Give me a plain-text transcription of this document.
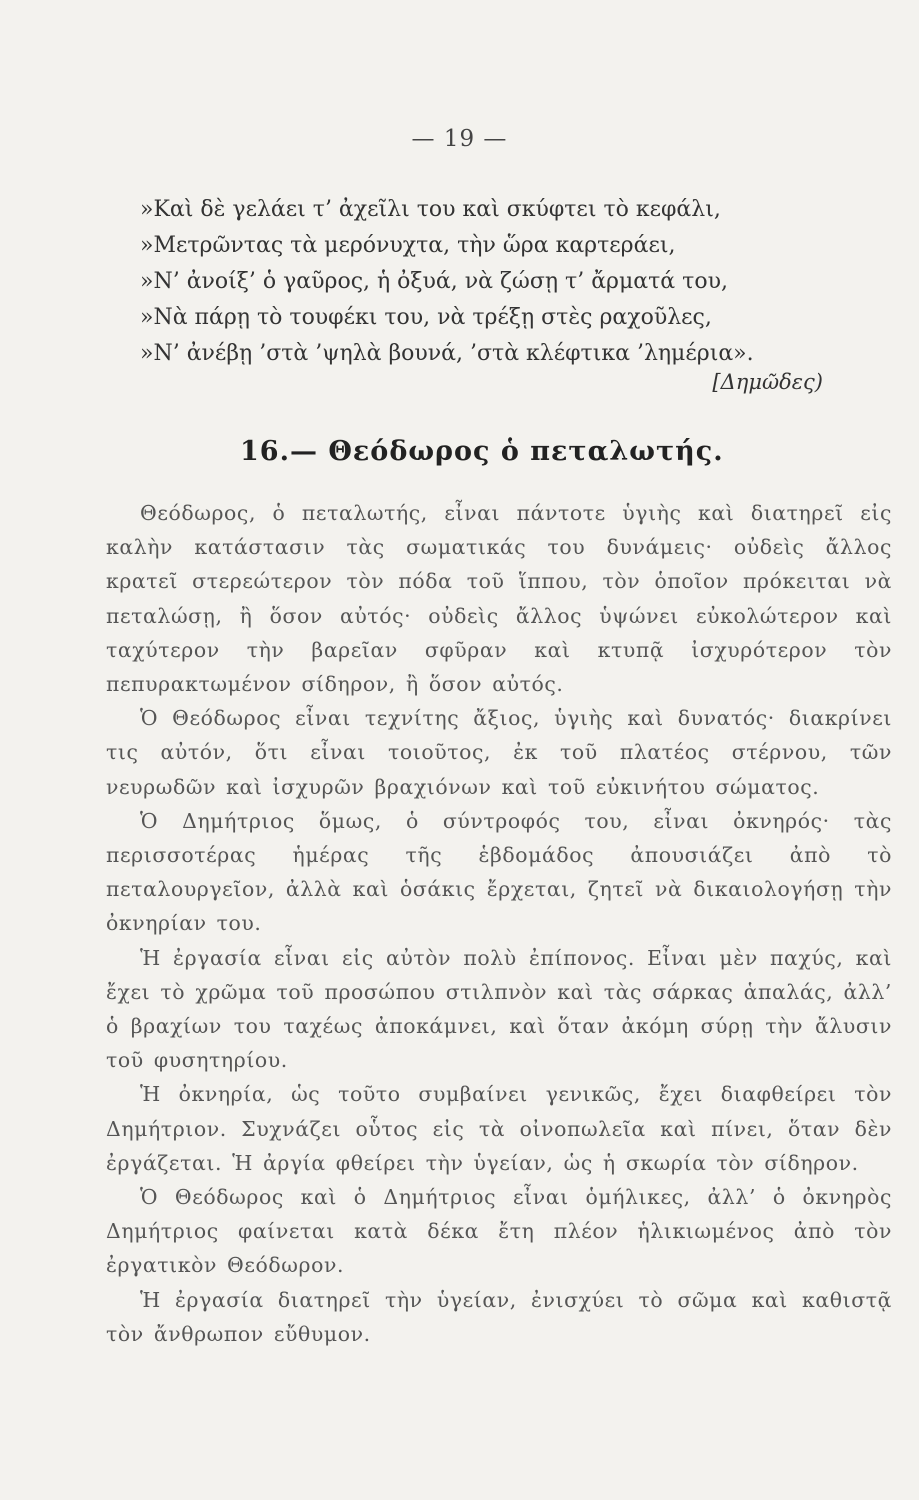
— 19 —
»Καὶ δὲ γελάει τ’ ἀχεῖλι του καὶ σκύφτει τὸ κεφάλι,
»Μετρῶντας τὰ μερόνυχτα, τὴν ὥρα καρτεράει,
»Ν’ ἀνοίξ’ ὁ γαῦρος, ἡ ὀξυά, νὰ ζώσῃ τ’ ἄρματά του,
»Νὰ πάρῃ τὸ τουφέκι του, νὰ τρέξῃ στὲς ραχοῦλες,
»Ν’ ἀνέβῃ ’στὰ ’ψηλὰ βουνά, ’στὰ κλέφτικα ’λημέρια».
[Δημῶδες)
16.— Θεόδωρος ὁ πεταλωτής.

Θεόδωρος, ὁ πεταλωτής, εἶναι πάντοτε ὑγιὴς καὶ διατηρεῖ εἰς καλὴν κατάστασιν τὰς σωματικάς του δυνάμεις· οὐδεὶς ἄλλος κρατεῖ στερεώτερον τὸν πόδα τοῦ ἵππου, τὸν ὁποῖον πρόκειται νὰ πεταλώσῃ, ἢ ὅσον αὐτός· οὐδεὶς ἄλλος ὑψώνει εὐκολώτερον καὶ ταχύτερον τὴν βαρεῖαν σφῦραν καὶ κτυπᾷ ἰσχυρότερον τὸν πεπυρακτωμένον σίδηρον, ἢ ὅσον αὐτός.

Ὁ Θεόδωρος εἶναι τεχνίτης ἄξιος, ὑγιὴς καὶ δυνατός· διακρίνει τις αὐτόν, ὅτι εἶναι τοιοῦτος, ἐκ τοῦ πλατέος στέρνου, τῶν νευρωδῶν καὶ ἰσχυρῶν βραχιόνων καὶ τοῦ εὐκινήτου σώματος.

Ὁ Δημήτριος ὅμως, ὁ σύντροφός του, εἶναι ὀκνηρός· τὰς περισσοτέρας ἡμέρας τῆς ἑβδομάδος ἀπουσιάζει ἀπὸ τὸ πεταλουργεῖον, ἀλλὰ καὶ ὁσάκις ἔρχεται, ζητεῖ νὰ δικαιολογήσῃ τὴν ὀκνηρίαν του.

Ἡ ἐργασία εἶναι εἰς αὐτὸν πολὺ ἐπίπονος. Εἶναι μὲν παχύς, καὶ ἔχει τὸ χρῶμα τοῦ προσώπου στιλπνὸν καὶ τὰς σάρκας ἁπαλάς, ἀλλ’ ὁ βραχίων του ταχέως ἀποκάμνει, καὶ ὅταν ἀκόμη σύρῃ τὴν ἄλυσιν τοῦ φυσητηρίου.

Ἡ ὀκνηρία, ὡς τοῦτο συμβαίνει γενικῶς, ἔχει διαφθείρει τὸν Δημήτριον. Συχνάζει οὗτος εἰς τὰ οἰνοπωλεῖα καὶ πίνει, ὅταν δὲν ἐργάζεται. Ἡ ἀργία φθείρει τὴν ὑγείαν, ὡς ἡ σκωρία τὸν σίδηρον.

Ὁ Θεόδωρος καὶ ὁ Δημήτριος εἶναι ὁμήλικες, ἀλλ’ ὁ ὀκνηρὸς Δημήτριος φαίνεται κατὰ δέκα ἔτη πλέον ἡλικιωμένος ἀπὸ τὸν ἐργατικὸν Θεόδωρον.

Ἡ ἐργασία διατηρεῖ τὴν ὑγείαν, ἐνισχύει τὸ σῶμα καὶ καθιστᾷ τὸν ἄνθρωπον εὔθυμον.
